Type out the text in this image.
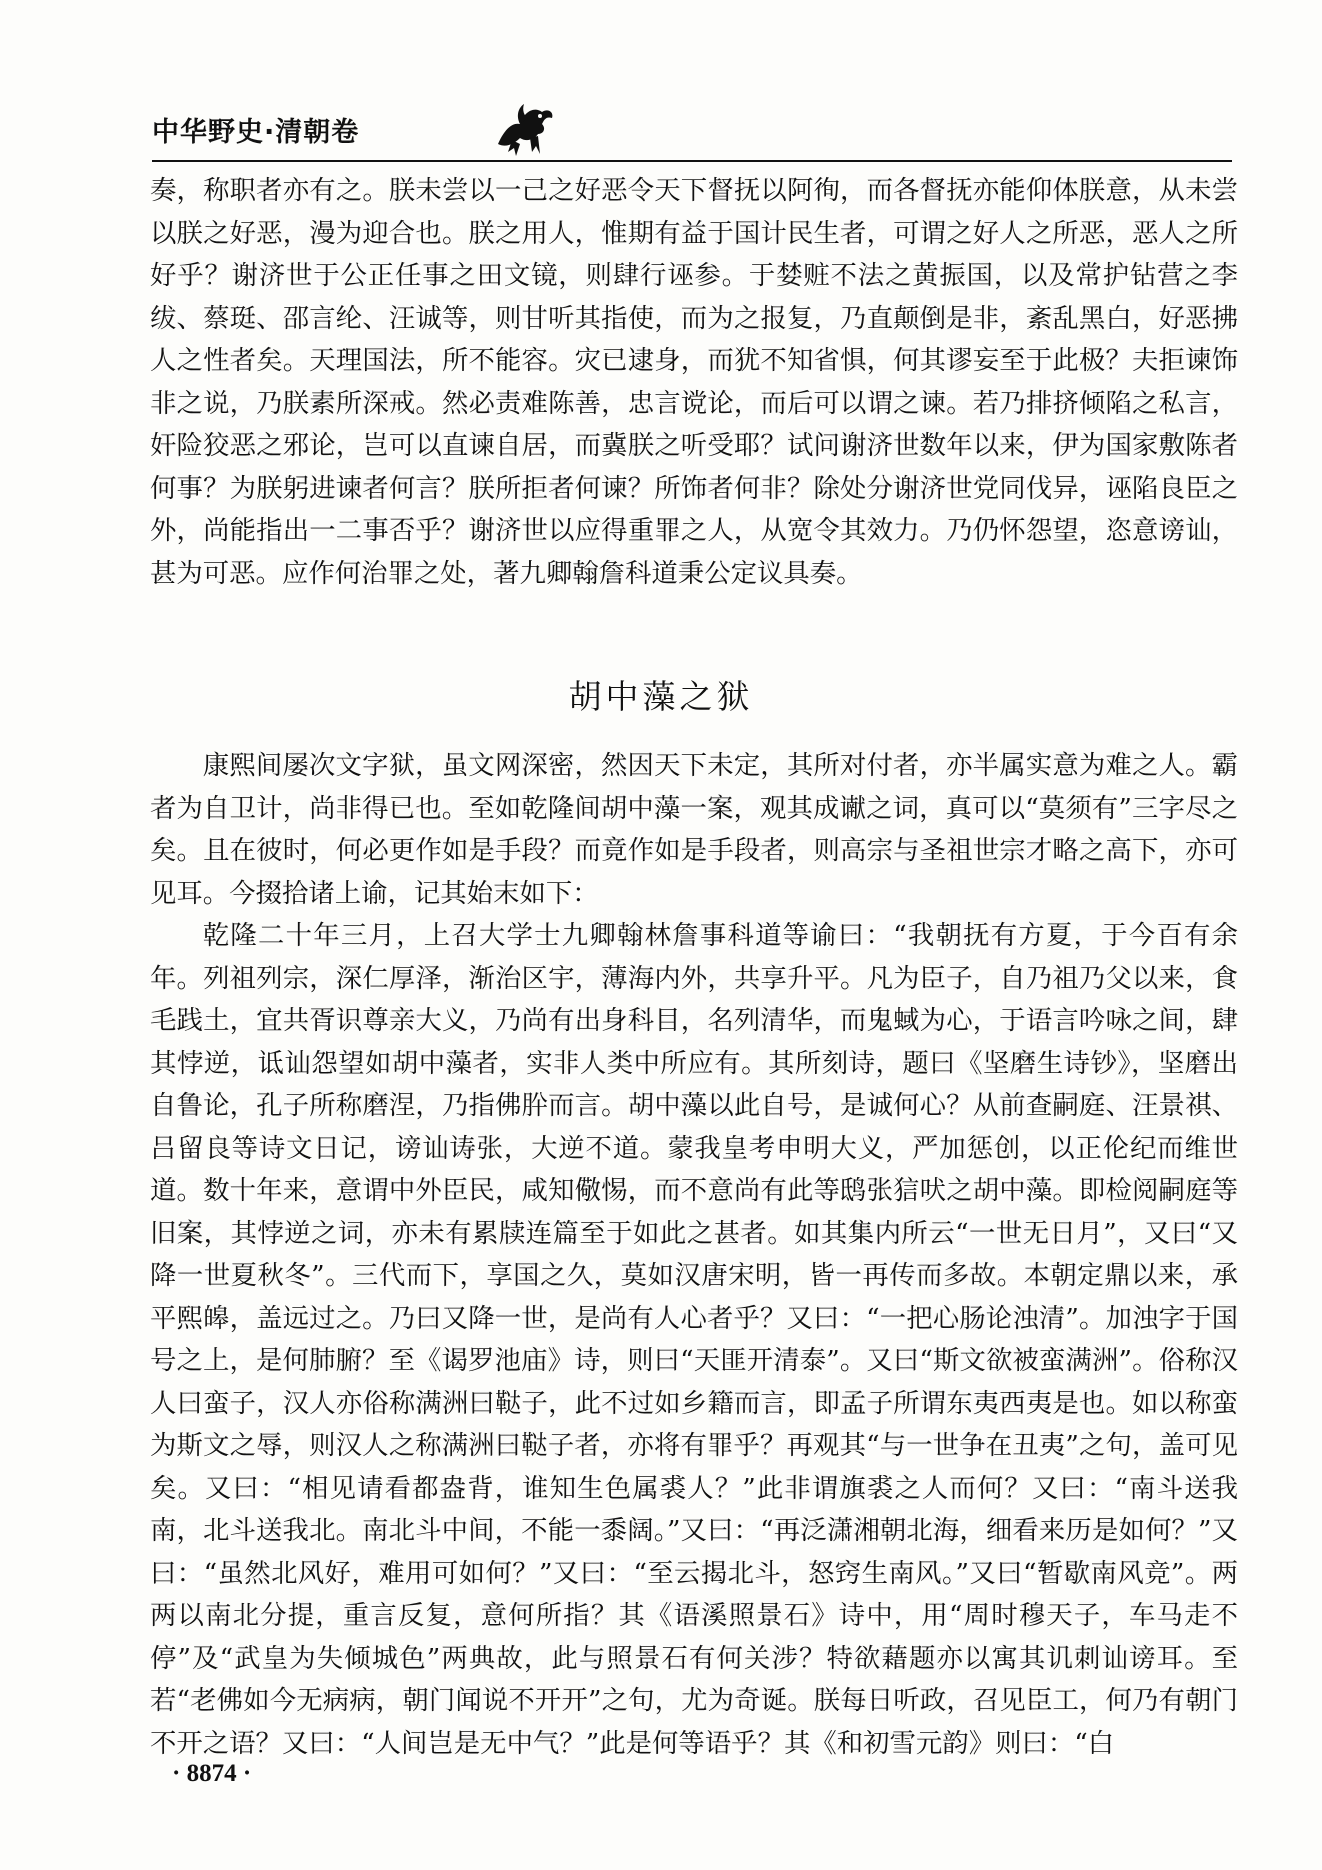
中华野史·清朝卷

奏，称职者亦有之。朕未尝以一己之好恶令天下督抚以阿徇，而各督抚亦能仰体朕意，从未尝以朕之好恶，漫为迎合也。朕之用人，惟期有益于国计民生者，可谓之好人之所恶，恶人之所好乎？谢济世于公正任事之田文镜，则肆行诬参。于婪赃不法之黄振国，以及常护钻营之李绂、蔡珽、邵言纶、汪诚等，则甘听其指使，而为之报复，乃直颠倒是非，紊乱黑白，好恶拂人之性者矣。天理国法，所不能容。灾已逮身，而犹不知省惧，何其谬妄至于此极？夫拒谏饰非之说，乃朕素所深戒。然必责难陈善，忠言谠论，而后可以谓之谏。若乃排挤倾陷之私言，奸险狡恶之邪论，岂可以直谏自居，而冀朕之听受耶？试问谢济世数年以来，伊为国家敷陈者何事？为朕躬进谏者何言？朕所拒者何谏？所饰者何非？除处分谢济世党同伐异，诬陷良臣之外，尚能指出一二事否乎？谢济世以应得重罪之人，从宽令其效力。乃仍怀怨望，恣意谤讪，甚为可恶。应作何治罪之处，著九卿翰詹科道秉公定议具奏。

胡中藻之狱

康熙间屡次文字狱，虽文网深密，然因天下未定，其所对付者，亦半属实意为难之人。霸者为自卫计，尚非得已也。至如乾隆间胡中藻一案，观其成谳之词，真可以“莫须有”三字尽之矣。且在彼时，何必更作如是手段？而竟作如是手段者，则高宗与圣祖世宗才略之高下，亦可见耳。今掇拾诸上谕，记其始末如下：

乾隆二十年三月，上召大学士九卿翰林詹事科道等谕曰：“我朝抚有方夏，于今百有余年。列祖列宗，深仁厚泽，渐治区宇，薄海内外，共享升平。凡为臣子，自乃祖乃父以来，食毛践土，宜共胥识尊亲大义，乃尚有出身科目，名列清华，而鬼蜮为心，于语言吟咏之间，肆其悖逆，诋讪怨望如胡中藻者，实非人类中所应有。其所刻诗，题曰《坚磨生诗钞》，坚磨出自鲁论，孔子所称磨涅，乃指佛肸而言。胡中藻以此自号，是诚何心？从前查嗣庭、汪景祺、吕留良等诗文日记，谤讪诪张，大逆不道。蒙我皇考申明大义，严加惩创，以正伦纪而维世道。数十年来，意谓中外臣民，咸知儆惕，而不意尚有此等鸱张狺吠之胡中藻。即检阅嗣庭等旧案，其悖逆之词，亦未有累牍连篇至于如此之甚者。如其集内所云“一世无日月”，又曰“又降一世夏秋冬”。三代而下，享国之久，莫如汉唐宋明，皆一再传而多故。本朝定鼎以来，承平熙皞，盖远过之。乃曰又降一世，是尚有人心者乎？又曰：“一把心肠论浊清”。加浊字于国号之上，是何肺腑？至《谒罗池庙》诗，则曰“天匪开清泰”。又曰“斯文欲被蛮满洲”。俗称汉人曰蛮子，汉人亦俗称满洲曰鞑子，此不过如乡籍而言，即孟子所谓东夷西夷是也。如以称蛮为斯文之辱，则汉人之称满洲曰鞑子者，亦将有罪乎？再观其“与一世争在丑夷”之句，盖可见矣。又曰：“相见请看都盎背，谁知生色属裘人？”此非谓旗裘之人而何？又曰：“南斗送我南，北斗送我北。南北斗中间，不能一黍阔。”又曰：“再泛潇湘朝北海，细看来历是如何？”又曰：“虽然北风好，难用可如何？”又曰：“至云揭北斗，怒窍生南风。”又曰“暂歇南风竞”。两两以南北分提，重言反复，意何所指？其《语溪照景石》诗中，用“周时穆天子，车马走不停”及“武皇为失倾城色”两典故，此与照景石有何关涉？特欲藉题亦以寓其讥刺讪谤耳。至若“老佛如今无病病，朝门闻说不开开”之句，尤为奇诞。朕每日听政，召见臣工，何乃有朝门不开之语？又曰：“人间岂是无中气？”此是何等语乎？其《和初雪元韵》则曰：“白

· 8874 ·
